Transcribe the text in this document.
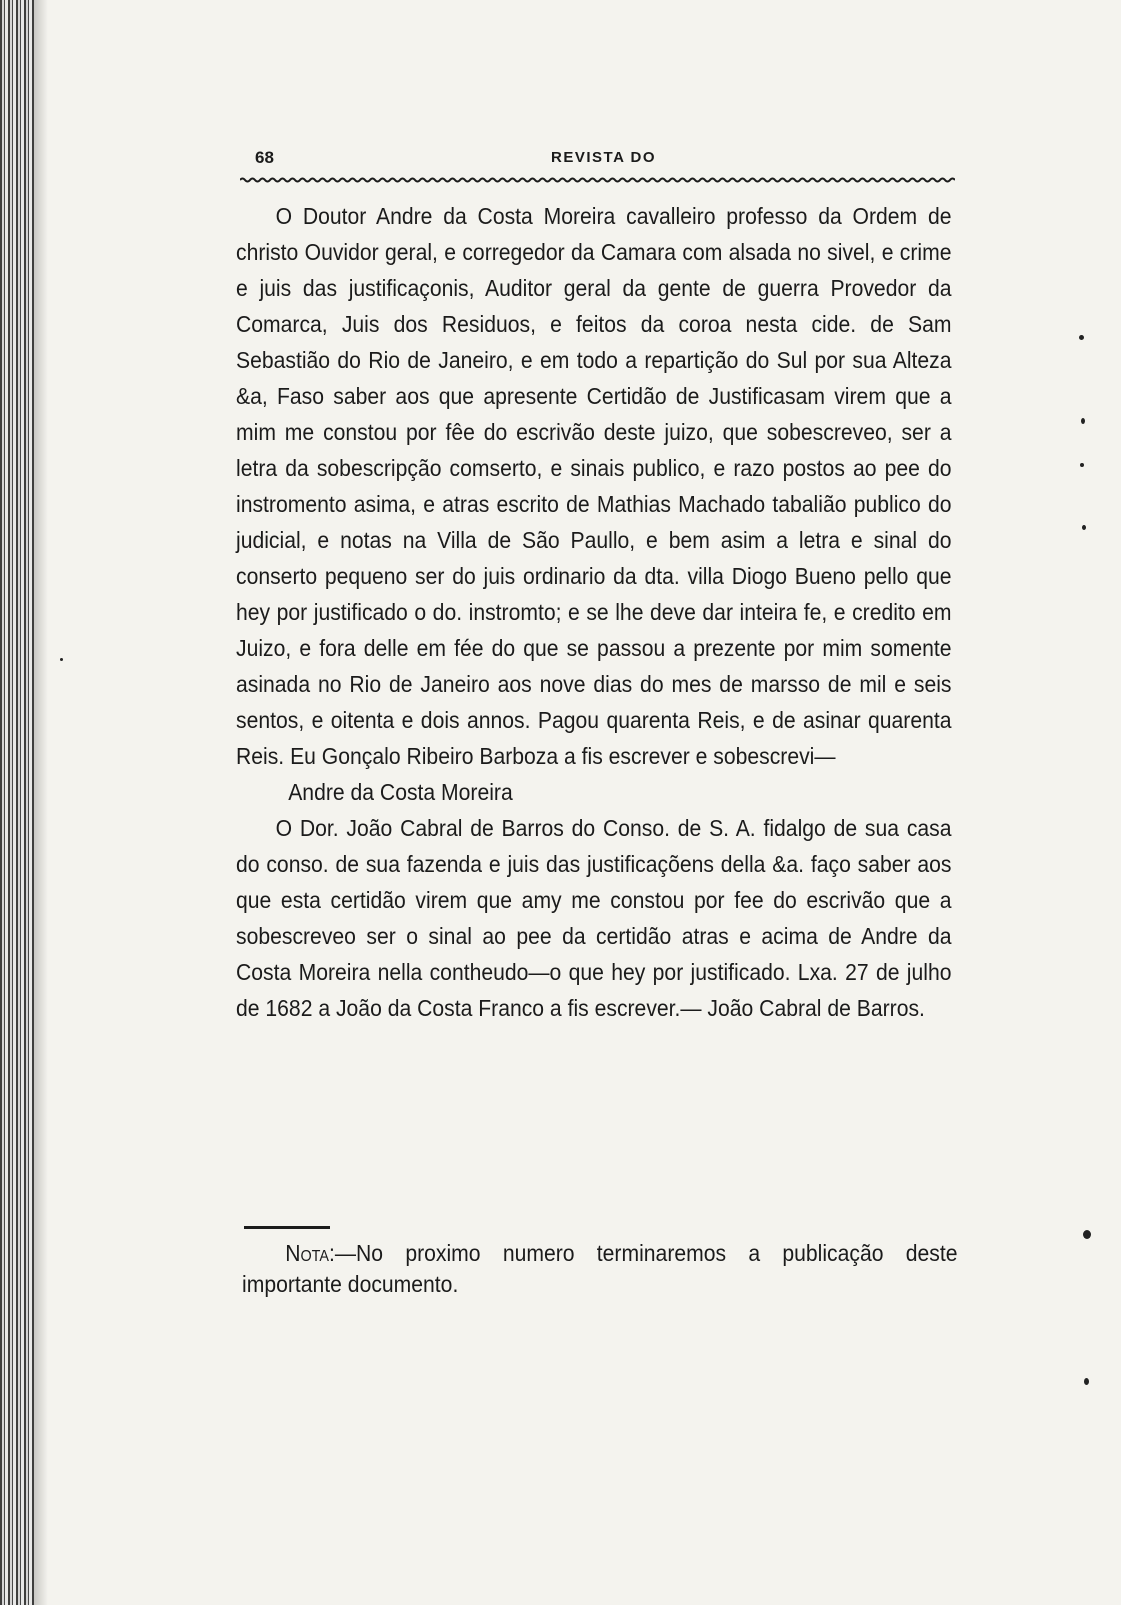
68	REVISTA DO

O Doutor Andre da Costa Moreira cavalleiro professo da Ordem de christo Ouvidor geral, e corregedor da Camara com alsada no sivel, e crime e juis das justificaçonis, Auditor geral da gente de guerra Provedor da Comarca, Juis dos Residuos, e feitos da coroa nesta cide. de Sam Sebastião do Rio de Janeiro, e em todo a repartição do Sul por sua Alteza &a, Faso saber aos que apresente Certidão de Justificasam virem que a mim me constou por fêe do escrivão deste juizo, que sobescreveo, ser a letra da sobescripção comserto, e sinais publico, e razo postos ao pee do instromento asima, e atras escrito de Mathias Machado tabalião publico do judicial, e notas na Villa de São Paullo, e bem asim a letra e sinal do conserto pequeno ser do juis ordinario da dta. villa Diogo Bueno pello que hey por justificado o do. instromto; e se lhe deve dar inteira fe, e credito em Juizo, e fora delle em fée do que se passou a prezente por mim somente asinada no Rio de Janeiro aos nove dias do mes de marsso de mil e seis sentos, e oitenta e dois annos. Pagou quarenta Reis, e de asinar quarenta Reis. Eu Gonçalo Ribeiro Barboza a fis escrever e sobescrevi—

Andre da Costa Moreira

O Dor. João Cabral de Barros do Conso. de S. A. fidalgo de sua casa do conso. de sua fazenda e juis das justificaçõens della &a. faço saber aos que esta certidão virem que amy me constou por fee do escrivão que a sobescreveo ser o sinal ao pee da certidão atras e acima de Andre da Costa Moreira nella contheudo—o que hey por justificado. Lxa. 27 de julho de 1682 a João da Costa Franco a fis escrever.— João Cabral de Barros.

Nota:—No proximo numero terminaremos a publicação deste importante documento.
